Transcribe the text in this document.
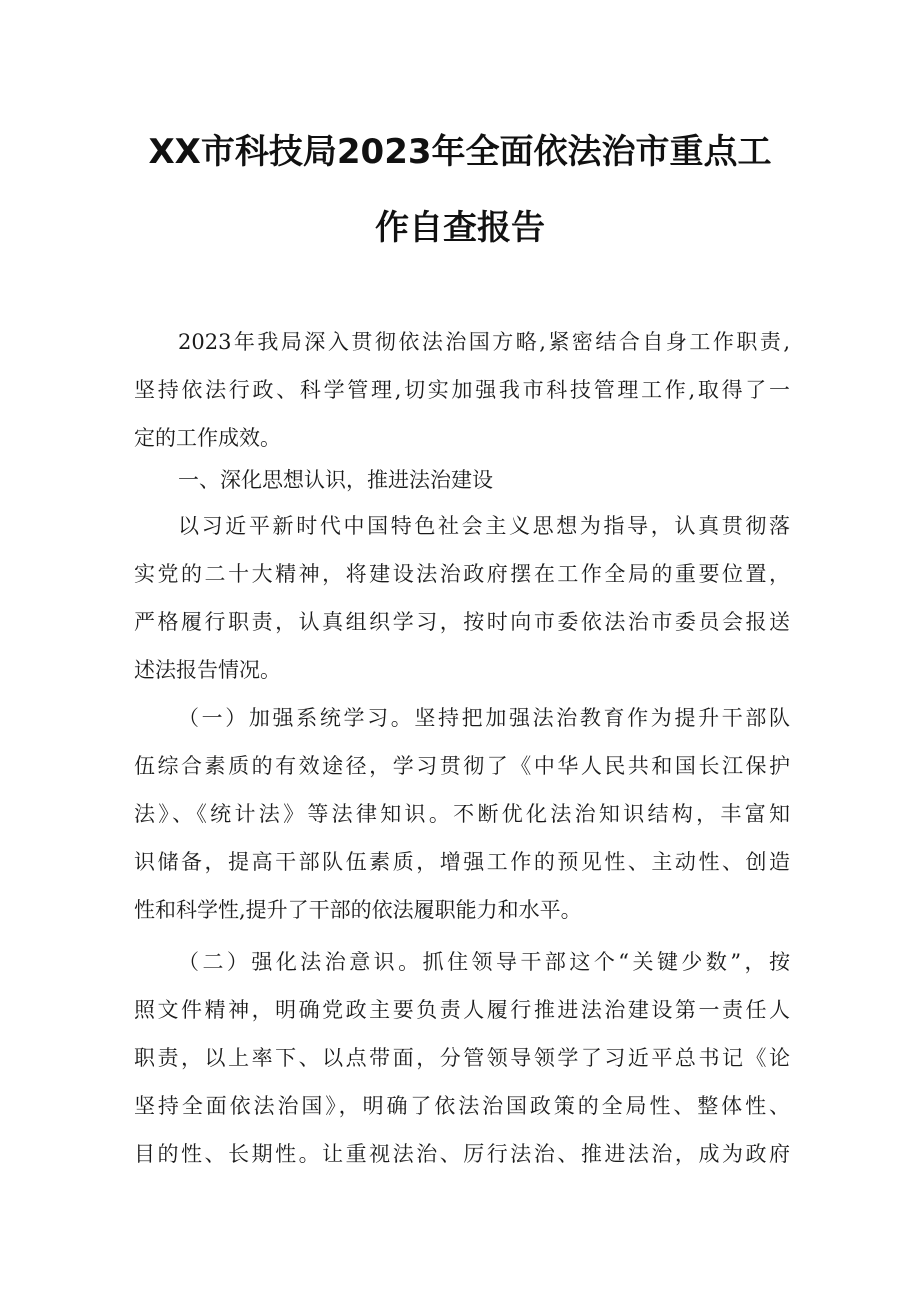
XX市科技局2023年全面依法治市重点工
作自查报告
2023年我局深入贯彻依法治国方略,紧密结合自身工作职责,
坚持依法行政、科学管理,切实加强我市科技管理工作,取得了一
定的工作成效。
一、深化思想认识，推进法治建设
以习近平新时代中国特色社会主义思想为指导，认真贯彻落
实党的二十大精神，将建设法治政府摆在工作全局的重要位置，
严格履行职责，认真组织学习，按时向市委依法治市委员会报送
述法报告情况。
（一）加强系统学习。坚持把加强法治教育作为提升干部队
伍综合素质的有效途径，学习贯彻了《中华人民共和国长江保护
法》、《统计法》等法律知识。不断优化法治知识结构，丰富知
识储备，提高干部队伍素质，增强工作的预见性、主动性、创造
性和科学性,提升了干部的依法履职能力和水平。
（二）强化法治意识。抓住领导干部这个“关键少数”，按
照文件精神，明确党政主要负责人履行推进法治建设第一责任人
职责，以上率下、以点带面，分管领导领学了习近平总书记《论
坚持全面依法治国》，明确了依法治国政策的全局性、整体性、
目的性、长期性。让重视法治、厉行法治、推进法治，成为政府
